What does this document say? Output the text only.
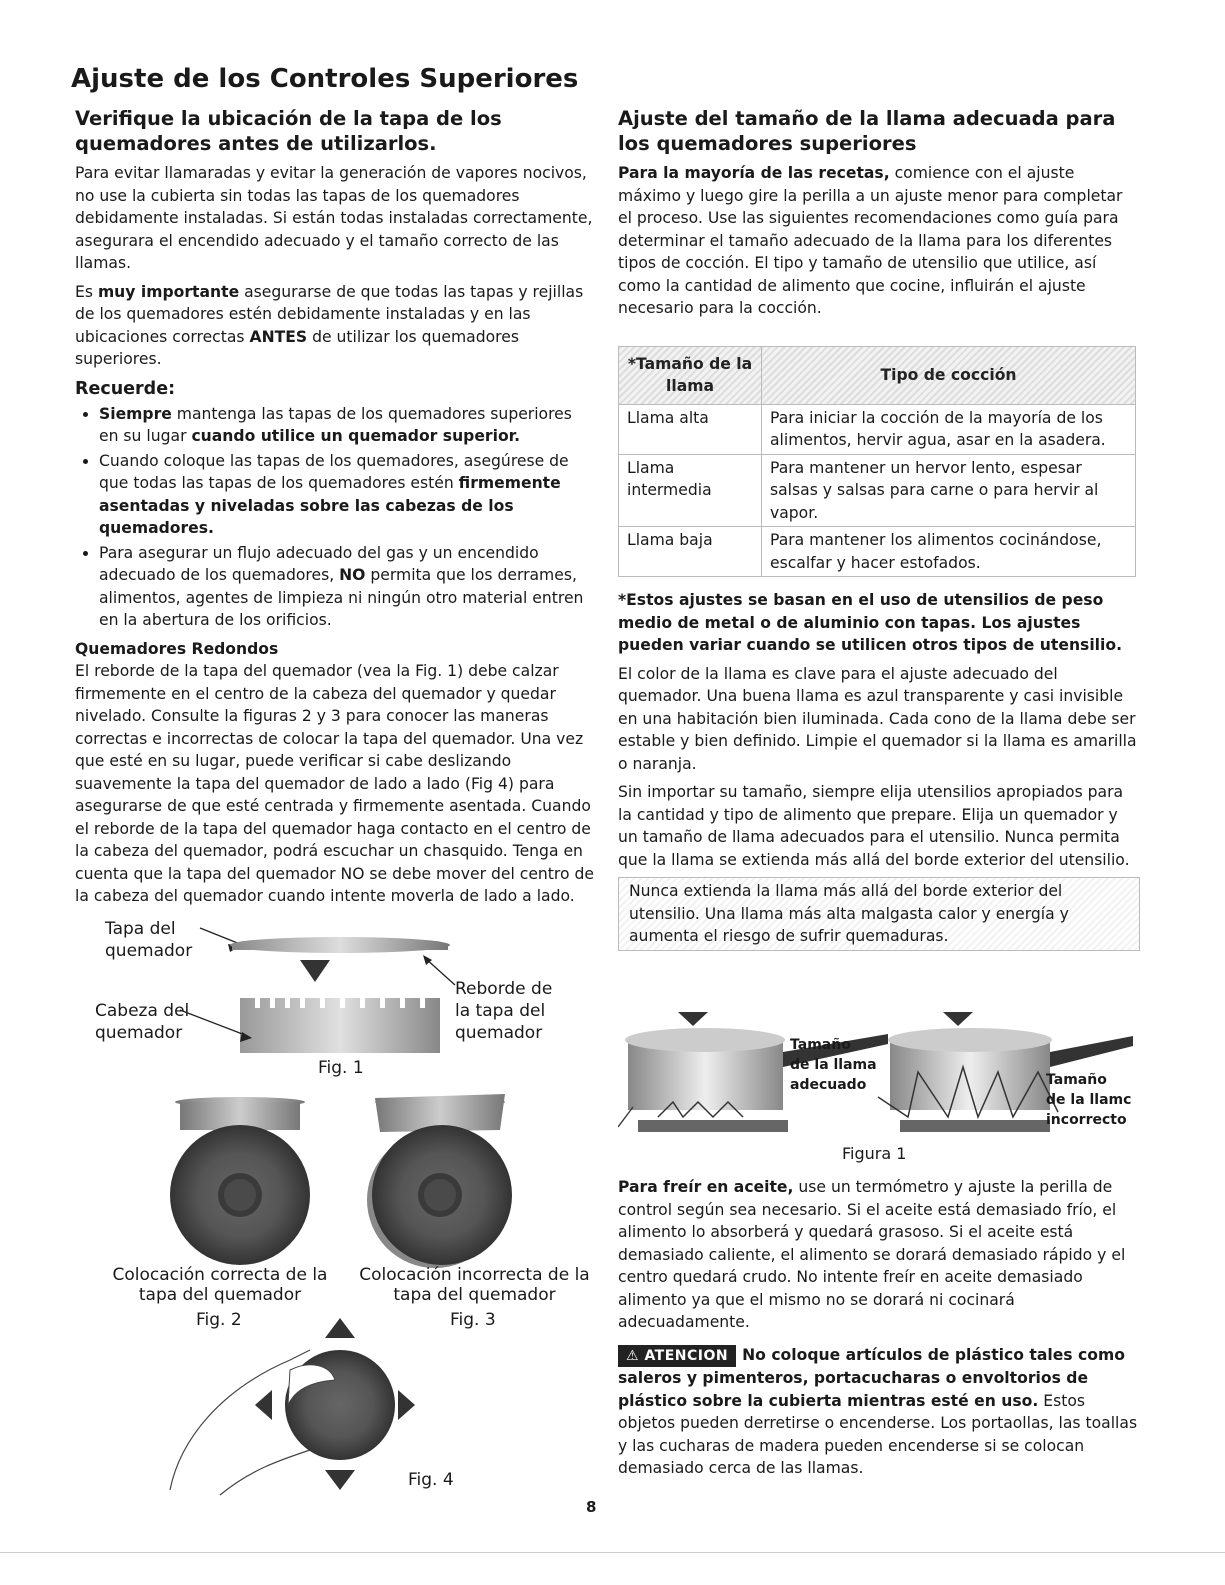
Ajuste de los Controles Superiores
Verifique la ubicación de la tapa de los quemadores antes de utilizarlos.

Para evitar llamaradas y evitar la generación de vapores nocivos, no use la cubierta sin todas las tapas de los quemadores debidamente instaladas. Si están todas instaladas correctamente, asegurara el encendido adecuado y el tamaño correcto de las llamas.

Es muy importante asegurarse de que todas las tapas y rejillas de los quemadores estén debidamente instaladas y en las ubicaciones correctas ANTES de utilizar los quemadores superiores.

Recuerde:
• Siempre mantenga las tapas de los quemadores superiores en su lugar cuando utilice un quemador superior.
• Cuando coloque las tapas de los quemadores, asegúrese de que todas las tapas de los quemadores estén firmemente asentadas y niveladas sobre las cabezas de los quemadores.
• Para asegurar un flujo adecuado del gas y un encendido adecuado de los quemadores, NO permita que los derrames, alimentos, agentes de limpieza ni ningún otro material entren en la abertura de los orificios.
Quemadores Redondos

El reborde de la tapa del quemador (vea la Fig. 1) debe calzar firmemente en el centro de la cabeza del quemador y quedar nivelado. Consulte la figuras 2 y 3 para conocer las maneras correctas e incorrectas de colocar la tapa del quemador. Una vez que esté en su lugar, puede verificar si cabe deslizando suavemente la tapa del quemador de lado a lado (Fig 4) para asegurarse de que esté centrada y firmemente asentada. Cuando el reborde de la tapa del quemador haga contacto en el centro de la cabeza del quemador, podrá escuchar un chasquido. Tenga en cuenta que la tapa del quemador NO se debe mover del centro de la cabeza del quemador cuando intente moverla de lado a lado.

Tapa del
quemador
Cabeza del
quemador
Reborde de
la tapa del
quemador
Fig. 1
Colocación correcta de la
tapa del quemador
Colocación incorrecta de la
tapa del quemador
Fig. 2	Fig. 3
Fig. 4
Ajuste del tamaño de la llama adecuada para los quemadores superiores

Para la mayoría de las recetas, comience con el ajuste máximo y luego gire la perilla a un ajuste menor para completar el proceso. Use las siguientes recomendaciones como guía para determinar el tamaño adecuado de la llama para los diferentes tipos de cocción. El tipo y tamaño de utensilio que utilice, así como la cantidad de alimento que cocine, influirán el ajuste necesario para la cocción.

*Tamaño de la llama	Tipo de cocción
Llama alta	Para iniciar la cocción de la mayoría de los alimentos, hervir agua, asar en la asadera.
Llama intermedia	Para mantener un hervor lento, espesar salsas y salsas para carne o para hervir al vapor.
Llama baja	Para mantener los alimentos cocinándose, escalfar y hacer estofados.

*Estos ajustes se basan en el uso de utensilios de peso medio de metal o de aluminio con tapas. Los ajustes pueden variar cuando se utilicen otros tipos de utensilio.

El color de la llama es clave para el ajuste adecuado del quemador. Una buena llama es azul transparente y casi invisible en una habitación bien iluminada. Cada cono de la llama debe ser estable y bien definido. Limpie el quemador si la llama es amarilla o naranja.

Sin importar su tamaño, siempre elija utensilios apropiados para la cantidad y tipo de alimento que prepare. Elija un quemador y un tamaño de llama adecuados para el utensilio. Nunca permita que la llama se extienda más allá del borde exterior del utensilio.

Nunca extienda la llama más allá del borde exterior del utensilio. Una llama más alta malgasta calor y energía y aumenta el riesgo de sufrir quemaduras.
Tamaño
de la llama
adecuado	Tamaño
de la llamc
incorrecto
Figura 1

Para freír en aceite, use un termómetro y ajuste la perilla de control según sea necesario. Si el aceite está demasiado frío, el alimento lo absorberá y quedará grasoso. Si el aceite está demasiado caliente, el alimento se dorará demasiado rápido y el centro quedará crudo. No intente freír en aceite demasiado alimento ya que el mismo no se dorará ni cocinará adecuadamente.

⚠ ATENCION No coloque artículos de plástico tales como saleros y pimenteros, portacucharas o envoltorios de plástico sobre la cubierta mientras esté en uso. Estos objetos pueden derretirse o encenderse. Los portaollas, las toallas y las cucharas de madera pueden encenderse si se colocan demasiado cerca de las llamas.

8
